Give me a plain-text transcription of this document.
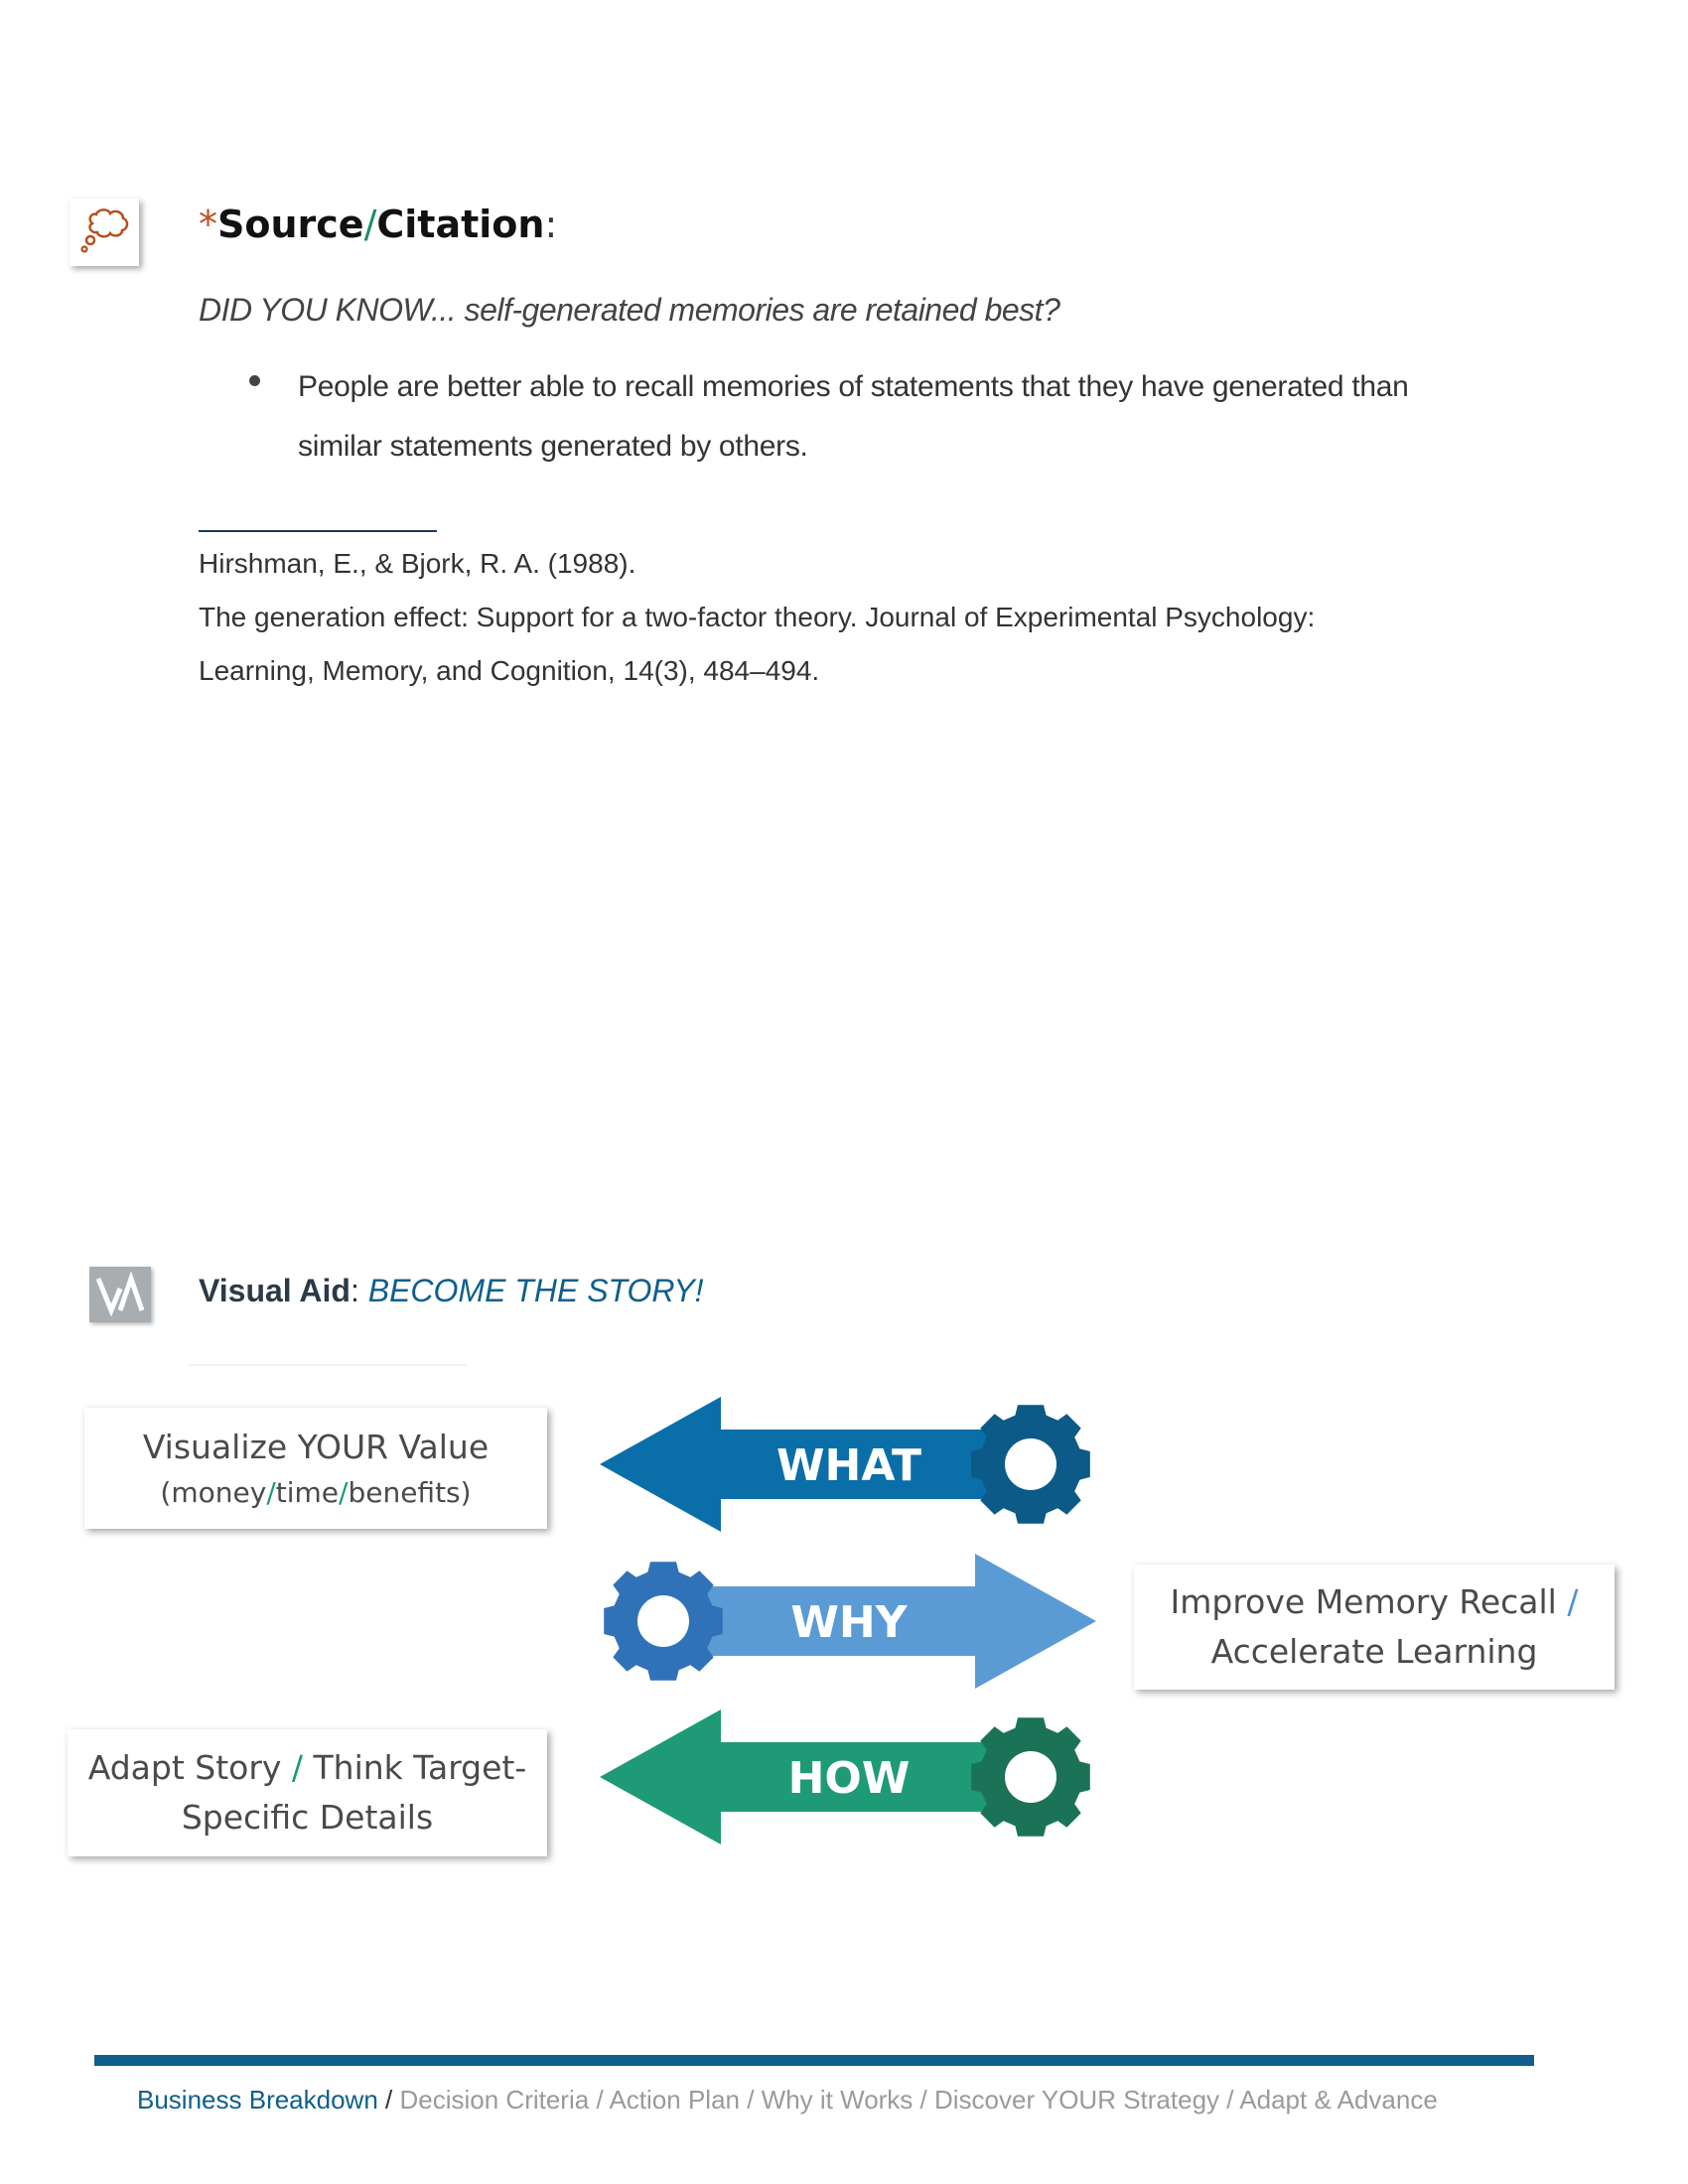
*Source/Citation:
DID YOU KNOW... self-generated memories are retained best?
People are better able to recall memories of statements that they have generated than similar statements generated by others.
Hirshman, E., & Bjork, R. A. (1988).
The generation effect: Support for a two-factor theory. Journal of Experimental Psychology:
Learning, Memory, and Cognition, 14(3), 484–494.
Visual Aid: BECOME THE STORY!
Visualize YOUR Value
(money/time/benefits)
Improve Memory Recall /
Accelerate Learning
Adapt Story / Think Target-
Specific Details
WHAT
WHY
HOW
Business Breakdown / Decision Criteria / Action Plan / Why it Works / Discover YOUR Strategy / Adapt & Advance
